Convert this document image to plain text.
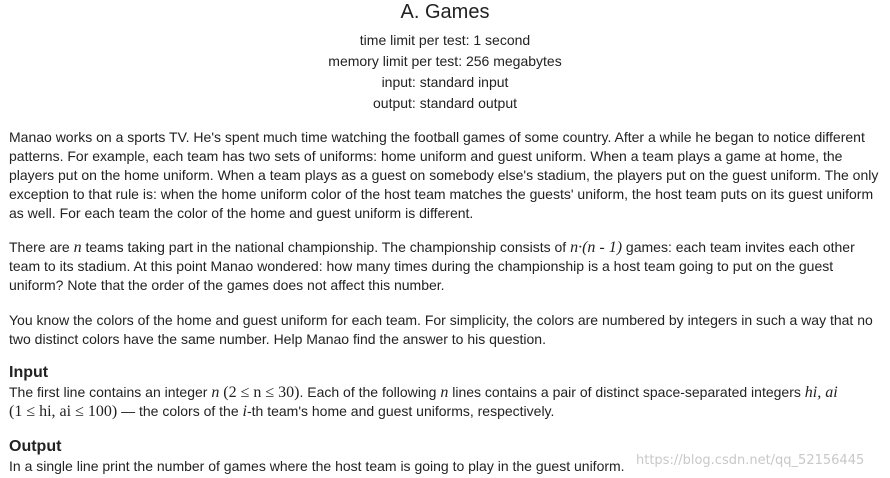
A. Games
time limit per test: 1 second
memory limit per test: 256 megabytes
input: standard input
output: standard output

Manao works on a sports TV. He's spent much time watching the football games of some country. After a while he began to notice different patterns. For example, each team has two sets of uniforms: home uniform and guest uniform. When a team plays a game at home, the players put on the home uniform. When a team plays as a guest on somebody else's stadium, the players put on the guest uniform. The only exception to that rule is: when the home uniform color of the host team matches the guests' uniform, the host team puts on its guest uniform as well. For each team the color of the home and guest uniform is different.

There are n teams taking part in the national championship. The championship consists of n·(n - 1) games: each team invites each other team to its stadium. At this point Manao wondered: how many times during the championship is a host team going to put on the guest uniform? Note that the order of the games does not affect this number.

You know the colors of the home and guest uniform for each team. For simplicity, the colors are numbered by integers in such a way that no two distinct colors have the same number. Help Manao find the answer to his question.

Input
The first line contains an integer n (2 ≤ n ≤ 30). Each of the following n lines contains a pair of distinct space-separated integers hi, ai
(1 ≤ hi, ai ≤ 100) — the colors of the i-th team's home and guest uniforms, respectively.
Output
In a single line print the number of games where the host team is going to play in the guest uniform. https://blog.csdn.net/qq_52156445
